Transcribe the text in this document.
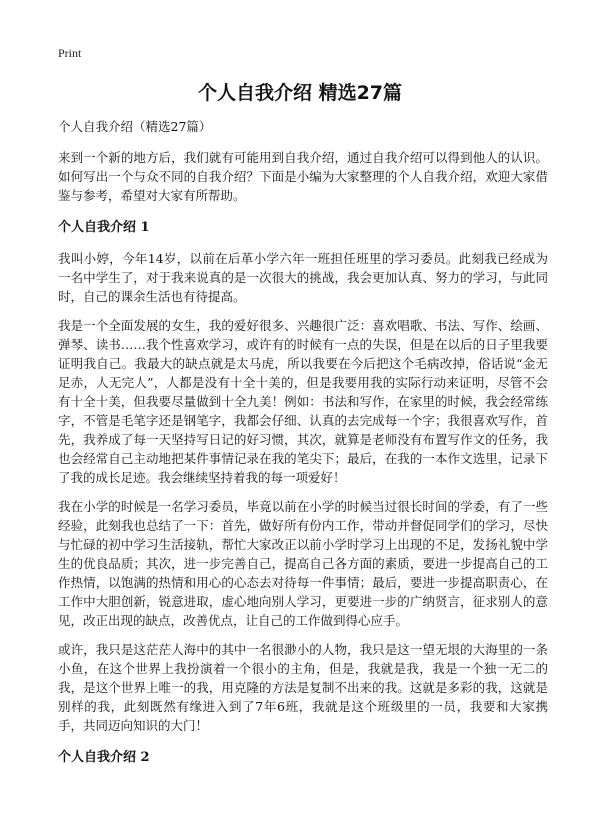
Print
个人自我介绍 精选27篇
个人自我介绍（精选27篇）

来到一个新的地方后，我们就有可能用到自我介绍，通过自我介绍可以得到他人的认识。如何写出一个与众不同的自我介绍？下面是小编为大家整理的个人自我介绍，欢迎大家借鉴与参考，希望对大家有所帮助。

个人自我介绍 1

我叫小婷，今年14岁，以前在后革小学六年一班担任班里的学习委员。此刻我已经成为一名中学生了，对于我来说真的是一次很大的挑战，我会更加认真、努力的学习，与此同时，自己的课余生活也有待提高。

我是一个全面发展的女生，我的爱好很多、兴趣很广泛：喜欢唱歌、书法、写作、绘画、弹琴、读书……我个性喜欢学习，或许有的时候有一点的失误，但是在以后的日子里我要证明我自己。我最大的缺点就是太马虎，所以我要在今后把这个毛病改掉，俗话说“金无足赤，人无完人”，人都是没有十全十美的，但是我要用我的实际行动来证明，尽管不会有十全十美，但我要尽量做到十全九美！例如：书法和写作，在家里的时候，我会经常练字，不管是毛笔字还是钢笔字，我都会仔细、认真的去完成每一个字；我很喜欢写作，首先，我养成了每一天坚持写日记的好习惯，其次，就算是老师没有布置写作文的任务，我也会经常自己主动地把某件事情记录在我的笔尖下；最后，在我的一本作文选里，记录下了我的成长足迹。我会继续坚持着我的每一项爱好！

我在小学的时候是一名学习委员，毕竟以前在小学的时候当过很长时间的学委，有了一些经验，此刻我也总结了一下：首先，做好所有份内工作，带动并督促同学们的学习，尽快与忙碌的初中学习生活接轨，帮忙大家改正以前小学时学习上出现的不足，发扬礼貌中学生的优良品质；其次，进一步完善自己，提高自己各方面的素质，要进一步提高自己的工作热情，以饱满的热情和用心的心态去对待每一件事情；最后，要进一步提高职责心，在工作中大胆创新，锐意进取，虚心地向别人学习，更要进一步的广纳贤言，征求别人的意见，改正出现的缺点，改善优点，让自己的工作做到得心应手。

或许，我只是这茫茫人海中的其中一名很渺小的人物，我只是这一望无垠的大海里的一条小鱼，在这个世界上我扮演着一个很小的主角，但是，我就是我，我是一个独一无二的我，是这个世界上唯一的我，用克隆的方法是复制不出来的我。这就是多彩的我，这就是别样的我，此刻既然有缘进入到了7年6班，我就是这个班级里的一员，我要和大家携手，共同迈向知识的大门！

个人自我介绍 2
